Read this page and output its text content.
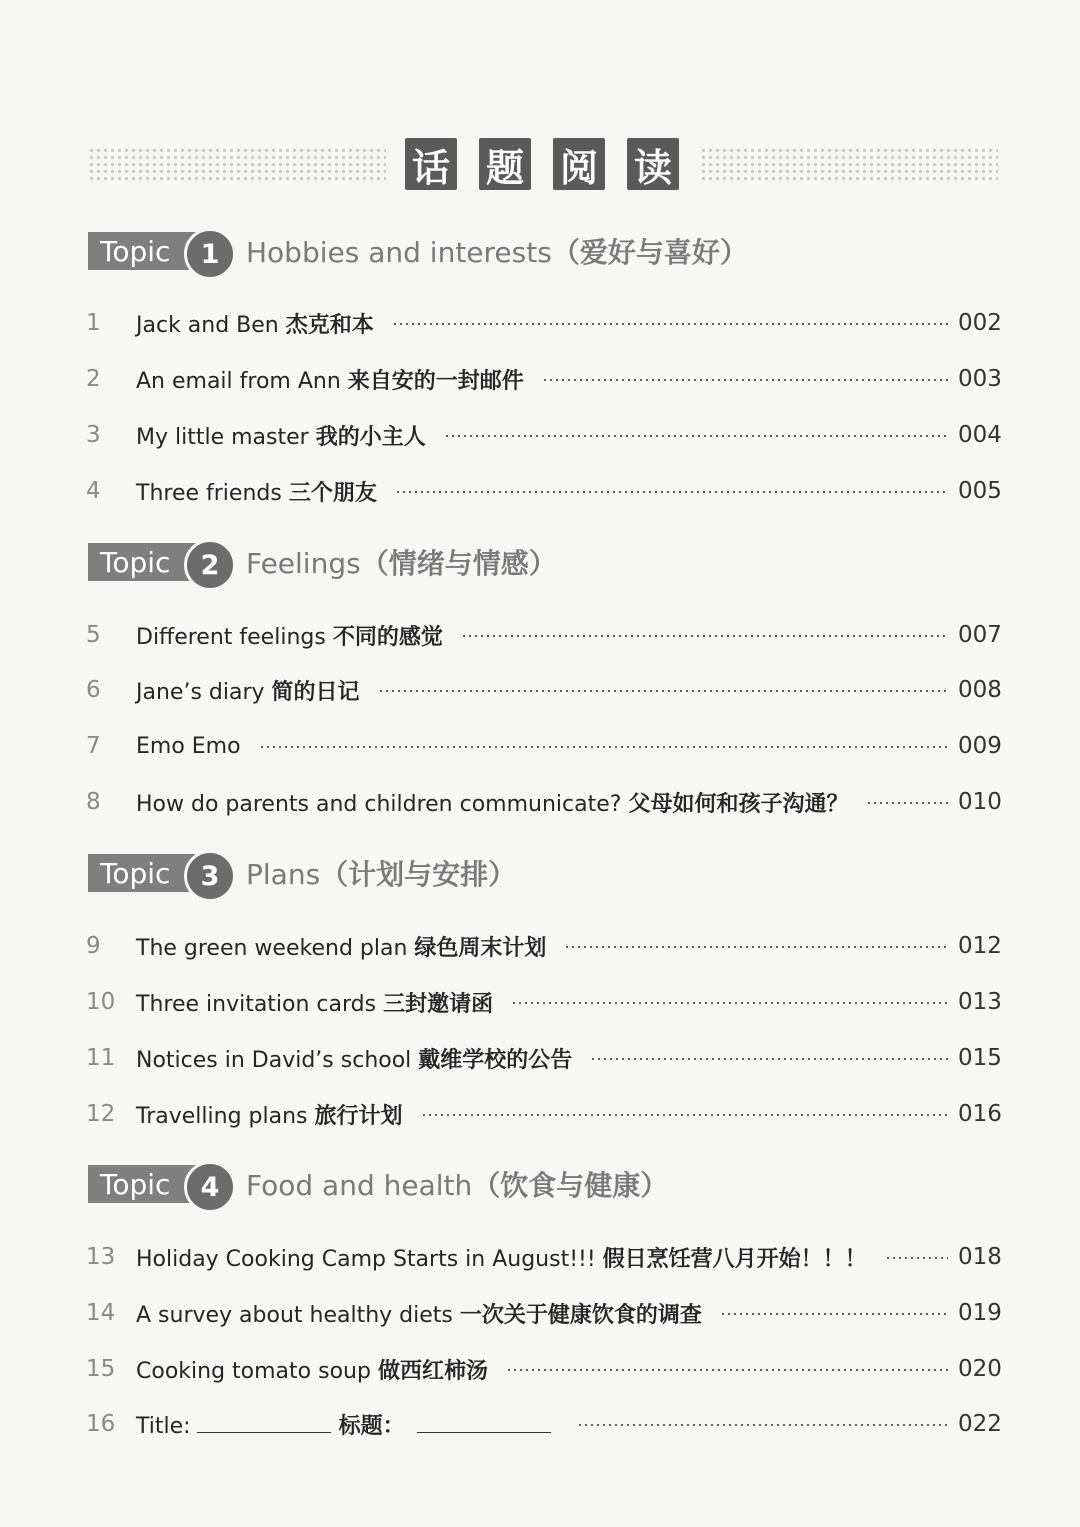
话 题 阅 读
Topic	1 Hobbies and interests（爱好与喜好）
1	Jack and Ben 杰克和本	002
2	An email from Ann 来自安的一封邮件	003
3	My little master 我的小主人	004
4	Three friends 三个朋友	005
Topic	2 Feelings（情绪与情感）
5	Different feelings 不同的感觉	007
6	Jane’s diary 简的日记	008
7	Emo Emo	009
8	How do parents and children communicate? 父母如何和孩子沟通？	010
Topic	3 Plans（计划与安排）
9	The green weekend plan 绿色周末计划	012
10 Three invitation cards 三封邀请函	013
11 Notices in David’s school 戴维学校的公告	015
12 Travelling plans 旅行计划	016
Topic	4 Food and health（饮食与健康）
13 Holiday Cooking Camp Starts in August!!! 假日烹饪营八月开始！！！	018
14 A survey about healthy diets 一次关于健康饮食的调查	019
15 Cooking tomato soup 做西红柿汤	020
16 Title:	标题：	022
